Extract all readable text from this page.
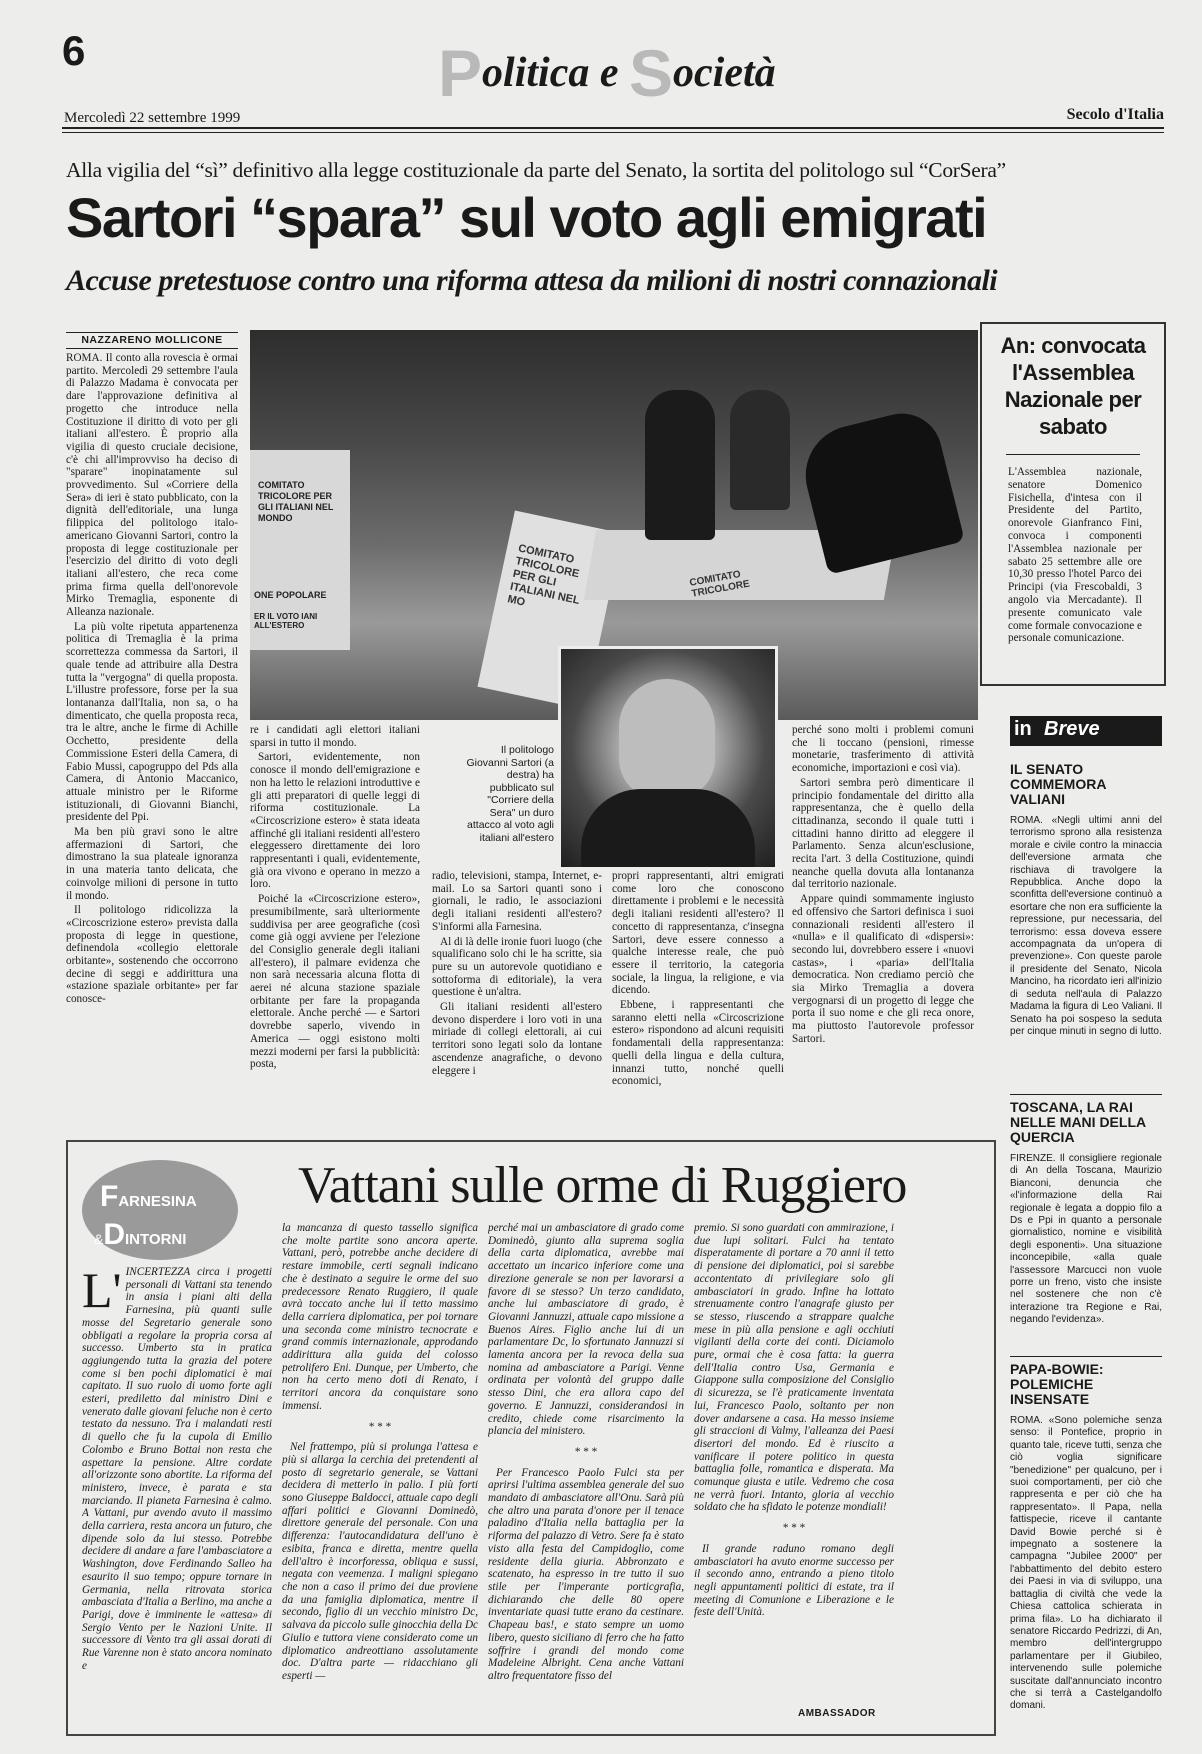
6	Politica e Società
Mercoledì 22 settembre 1999	Secolo d'Italia
Alla vigilia del “sì” definitivo alla legge costituzionale da parte del Senato, la sortita del politologo sul “CorSera”
Sartori “spara” sul voto agli emigrati
Accuse pretestuose contro una riforma attesa da milioni di nostri connazionali
NAZZARENO MOLLICONE
COMITATO TRICOLORE PER GLI ITALIANI NEL MONDO
ONE POPOLARE
ER IL VOTO IANI ALL'ESTERO
COMITATO TRICOLORE PER GLI ITALIANI NEL MO
COMITATO TRICOLORE
Il politologo Giovanni Sartori (a destra) ha pubblicato sul "Corriere della Sera" un duro attacco al voto agli italiani all'estero

ROMA. Il conto alla rovescia è ormai partito. Mercoledì 29 settembre l'aula di Palazzo Madama è convocata per dare l'approvazione definitiva al progetto che introduce nella Costituzione il diritto di voto per gli italiani all'estero. È proprio alla vigilia di questo cruciale decisione, c'è chi all'improvviso ha deciso di "sparare" inopinatamente sul provvedimento. Sul «Corriere della Sera» di ieri è stato pubblicato, con la dignità dell'editoriale, una lunga filippica del politologo italo-americano Giovanni Sartori, contro la proposta di legge costituzionale per l'esercizio del diritto di voto degli italiani all'estero, che reca come prima firma quella dell'onorevole Mirko Tremaglia, esponente di Alleanza nazionale.

La più volte ripetuta appartenenza politica di Tremaglia è la prima scorrettezza commessa da Sartori, il quale tende ad attribuire alla Destra tutta la "vergogna" di quella proposta. L'illustre professore, forse per la sua lontananza dall'Italia, non sa, o ha dimenticato, che quella proposta reca, tra le altre, anche le firme di Achille Occhetto, presidente della Commissione Esteri della Camera, di Fabio Mussi, capogruppo del Pds alla Camera, di Antonio Maccanico, attuale ministro per le Riforme istituzionali, di Giovanni Bianchi, presidente del Ppi.

Ma ben più gravi sono le altre affermazioni di Sartori, che dimostrano la sua plateale ignoranza in una materia tanto delicata, che coinvolge milioni di persone in tutto il mondo.

Il politologo ridicolizza la «Circoscrizione estero» prevista dalla proposta di legge in questione, definendola «collegio elettorale orbitante», sostenendo che occorrono decine di seggi e addirittura una «stazione spaziale orbitante» per far conosce-

re i candidati agli elettori italiani sparsi in tutto il mondo.

Sartori, evidentemente, non conosce il mondo dell'emigrazione e non ha letto le relazioni introduttive e gli atti preparatori di quelle leggi di riforma costituzionale. La «Circoscrizione estero» è stata ideata affinché gli italiani residenti all'estero eleggessero direttamente dei loro rappresentanti i quali, evidentemente, già ora vivono e operano in mezzo a loro.

Poiché la «Circoscrizione estero», presumibilmente, sarà ulteriormente suddivisa per aree geografiche (così come già oggi avviene per l'elezione del Consiglio generale degli italiani all'estero), il palmare evidenza che non sarà necessaria alcuna flotta di aerei né alcuna stazione spaziale orbitante per fare la propaganda elettorale. Anche perché — e Sartori dovrebbe saperlo, vivendo in America — oggi esistono molti mezzi moderni per farsi la pubblicità: posta,

radio, televisioni, stampa, Internet, e-mail. Lo sa Sartori quanti sono i giornali, le radio, le associazioni degli italiani residenti all'estero? S'informi alla Farnesina.

Al di là delle ironie fuori luogo (che squalificano solo chi le ha scritte, sia pure su un autorevole quotidiano e sottoforma di editoriale), la vera questione è un'altra.

Gli italiani residenti all'estero devono disperdere i loro voti in una miriade di collegi elettorali, ai cui territori sono legati solo da lontane ascendenze anagrafiche, o devono eleggere i

propri rappresentanti, altri emigrati come loro che conoscono direttamente i problemi e le necessità degli italiani residenti all'estero? Il concetto di rappresentanza, c'insegna Sartori, deve essere connesso a qualche interesse reale, che può essere il territorio, la categoria sociale, la lingua, la religione, e via dicendo.

Ebbene, i rappresentanti che saranno eletti nella «Circoscrizione estero» rispondono ad alcuni requisiti fondamentali della rappresentanza: quelli della lingua e della cultura, innanzi tutto, nonché quelli economici,

perché sono molti i problemi comuni che li toccano (pensioni, rimesse monetarie, trasferimento di attività economiche, importazioni e così via).

Sartori sembra però dimenticare il principio fondamentale del diritto alla rappresentanza, che è quello della cittadinanza, secondo il quale tutti i cittadini hanno diritto ad eleggere il Parlamento. Senza alcun'esclusione, recita l'art. 3 della Costituzione, quindi neanche quella dovuta alla lontananza dal territorio nazionale.

Appare quindi sommamente ingiusto ed offensivo che Sartori definisca i suoi connazionali residenti all'estero il «nulla» e il qualificato di «dispersi»: secondo lui, dovrebbero essere i «nuovi castas», i «paria» dell'Italia democratica. Non crediamo perciò che sia Mirko Tremaglia a dovera vergognarsi di un progetto di legge che porta il suo nome e che gli reca onore, ma piuttosto l'autorevole professor Sartori.

An: convocata l'Assemblea Nazionale per sabato
L'Assemblea nazionale, senatore Domenico Fisichella, d'intesa con il Presidente del Partito, onorevole Gianfranco Fini, convoca i componenti l'Assemblea nazionale per sabato 25 settembre alle ore 10,30 presso l'hotel Parco dei Principi (via Frescobaldi, 3 angolo via Mercadante). Il presente comunicato vale come formale convocazione e personale comunicazione.
in Breve
IL SENATO COMMEMORA VALIANI
ROMA. «Negli ultimi anni del terrorismo sprono alla resistenza morale e civile contro la minaccia dell'eversione armata che rischiava di travolgere la Repubblica. Anche dopo la sconfitta dell'eversione continuò a esortare che non era sufficiente la repressione, pur necessaria, del terrorismo: essa doveva essere accompagnata da un'opera di prevenzione». Con queste parole il presidente del Senato, Nicola Mancino, ha ricordato ieri all'inizio di seduta nell'aula di Palazzo Madama la figura di Leo Valiani. Il Senato ha poi sospeso la seduta per cinque minuti in segno di lutto.
TOSCANA, LA RAI NELLE MANI DELLA QUERCIA
FIRENZE. Il consigliere regionale di An della Toscana, Maurizio Bianconi, denuncia che «l'informazione della Rai regionale è legata a doppio filo a Ds e Ppi in quanto a personale giornalistico, nomine e visibilità degli esponenti». Una situazione inconcepibile, «alla quale l'assessore Marcucci non vuole porre un freno, visto che insiste nel sostenere che non c'è interazione tra Regione e Rai, negando l'evidenza».
PAPA-BOWIE: POLEMICHE INSENSATE
ROMA. «Sono polemiche senza senso: il Pontefice, proprio in quanto tale, riceve tutti, senza che ciò voglia significare "benedizione" per qualcuno, per i suoi comportamenti, per ciò che rappresenta e per ciò che ha rappresentato». Il Papa, nella fattispecie, riceve il cantante David Bowie perché si è impegnato a sostenere la campagna "Jubilee 2000" per l'abbattimento del debito estero dei Paesi in via di sviluppo, una battaglia di civiltà che vede la Chiesa cattolica schierata in prima fila». Lo ha dichiarato il senatore Riccardo Pedrizzi, di An, membro dell'intergruppo parlamentare per il Giubileo, intervenendo sulle polemiche suscitate dall'annunciato incontro che si terrà a Castelgandolfo domani.
FARNESINA
&DINTORNI
Vattani sulle orme di Ruggiero
L' INCERTEZZA circa i progetti personali di Vattani sta tenendo in ansia i piani alti della Farnesina, più quanti sulle mosse del Segretario generale sono obbligati a regolare la propria corsa al successo. Umberto sta in pratica aggiungendo tutta la grazia del potere come si ben pochi diplomatici è mai capitato. Il suo ruolo di uomo forte agli esteri, prediletto dal ministro Dini e venerato dalle giovani feluche non è certo testato da nessuno. Tra i malandati resti di quello che fu la cupola di Emilio Colombo e Bruno Bottai non resta che aspettare la pensione. Altre cordate all'orizzonte sono abortite. La riforma del ministero, invece, è parata e sta marciando. Il pianeta Farnesina è calmo. A Vattani, pur avendo avuto il massimo della carriera, resta ancora un futuro, che dipende solo da lui stesso. Potrebbe decidere di andare a fare l'ambasciatore a Washington, dove Ferdinando Salleo ha esaurito il suo tempo; oppure tornare in Germania, nella ritrovata storica ambasciata d'Italia a Berlino, ma anche a Parigi, dove è imminente le «attesa» di Sergio Vento per le Nazioni Unite. Il successore di Vento tra gli assai dorati di Rue Varenne non è stato ancora nominato e

la mancanza di questo tassello significa che molte partite sono ancora aperte. Vattani, però, potrebbe anche decidere di restare immobile, certi segnali indicano che è destinato a seguire le orme del suo predecessore Renato Ruggiero, il quale avrà toccato anche lui il tetto massimo della carriera diplomatica, per poi tornare una seconda come ministro tecnocrate e grand commis internazionale, approdando addirittura alla guida del colosso petrolifero Eni. Dunque, per Umberto, che non ha certo meno doti di Renato, i territori ancora da conquistare sono immensi.

* * *

Nel frattempo, più si prolunga l'attesa e più si allarga la cerchia dei pretendenti al posto di segretario generale, se Vattani decidera di metterlo in palio. I più forti sono Giuseppe Baldocci, attuale capo degli affari politici e Giovanni Dominedò, direttore generale del personale. Con una differenza: l'autocandidatura dell'uno è esibita, franca e diretta, mentre quella dell'altro è incorforessa, obliqua e sussi, negata con veemenza. I maligni spiegano che non a caso il primo dei due proviene da una famiglia diplomatica, mentre il secondo, figlio di un vecchio ministro Dc, salvava da piccolo sulle ginocchia della Dc Giulio e tuttora viene considerato come un diplomatico andreottiano assolutamente doc. D'altra parte — ridacchiano gli esperti —

perché mai un ambasciatore di grado come Dominedò, giunto alla suprema soglia della carta diplomatica, avrebbe mai accettato un incarico inferiore come una direzione generale se non per lavorarsi a favore di se stesso? Un terzo candidato, anche lui ambasciatore di grado, è Giovanni Jannuzzi, attuale capo missione a Buenos Aires. Figlio anche lui di un parlamentare Dc, lo sfortunato Jannuzzi si lamenta ancora per la revoca della sua nomina ad ambasciatore a Parigi. Venne ordinata per volontà del gruppo dalle stesso Dini, che era allora capo del governo. E Jannuzzi, considerandosi in credito, chiede come risarcimento la plancia del ministero.

* * *

Per Francesco Paolo Fulci sta per aprirsi l'ultima assemblea generale del suo mandato di ambasciatore all'Onu. Sarà più che altro una parata d'onore per il tenace paladino d'Italia nella battaglia per la riforma del palazzo di Vetro. Sere fa è stato visto alla festa del Campidoglio, come residente della giuria. Abbronzato e scatenato, ha espresso in tre tutto il suo stile per l'imperante porticgrafia, dichiarando che delle 80 opere inventariate quasi tutte erano da cestinare. Chapeau bas!, e stato sempre un uomo libero, questo siciliano di ferro che ha fatto soffrire i grandi del mondo come Madeleine Albright. Cena anche Vattani altro frequentatore fisso del

premio. Si sono guardati con ammirazione, i due lupi solitari. Fulci ha tentato disperatamente di portare a 70 anni il tetto di pensione dei diplomatici, poi si sarebbe accontentato di privilegiare solo gli ambasciatori in grado. Infine ha lottato strenuamente contro l'anagrafe giusto per se stesso, riuscendo a strappare qualche mese in più alla pensione e agli occhiuti vigilanti della corte dei conti. Diciamolo pure, ormai che è cosa fatta: la guerra dell'Italia contro Usa, Germania e Giappone sulla composizione del Consiglio di sicurezza, se l'è praticamente inventata lui, Francesco Paolo, soltanto per non dover andarsene a casa. Ha messo insieme gli straccioni di Valmy, l'alleanza dei Paesi disertori del mondo. Ed è riuscito a vanificare il potere politico in questa battaglia folle, romantica e disperata. Ma comunque giusta e utile. Vedremo che cosa ne verrà fuori. Intanto, gloria al vecchio soldato che ha sfidato le potenze mondiali!

* * *

Il grande raduno romano degli ambasciatori ha avuto enorme successo per il secondo anno, entrando a pieno titolo negli appuntamenti politici di estate, tra il meeting di Comunione e Liberazione e le feste dell'Unità.

AMBASSADOR
